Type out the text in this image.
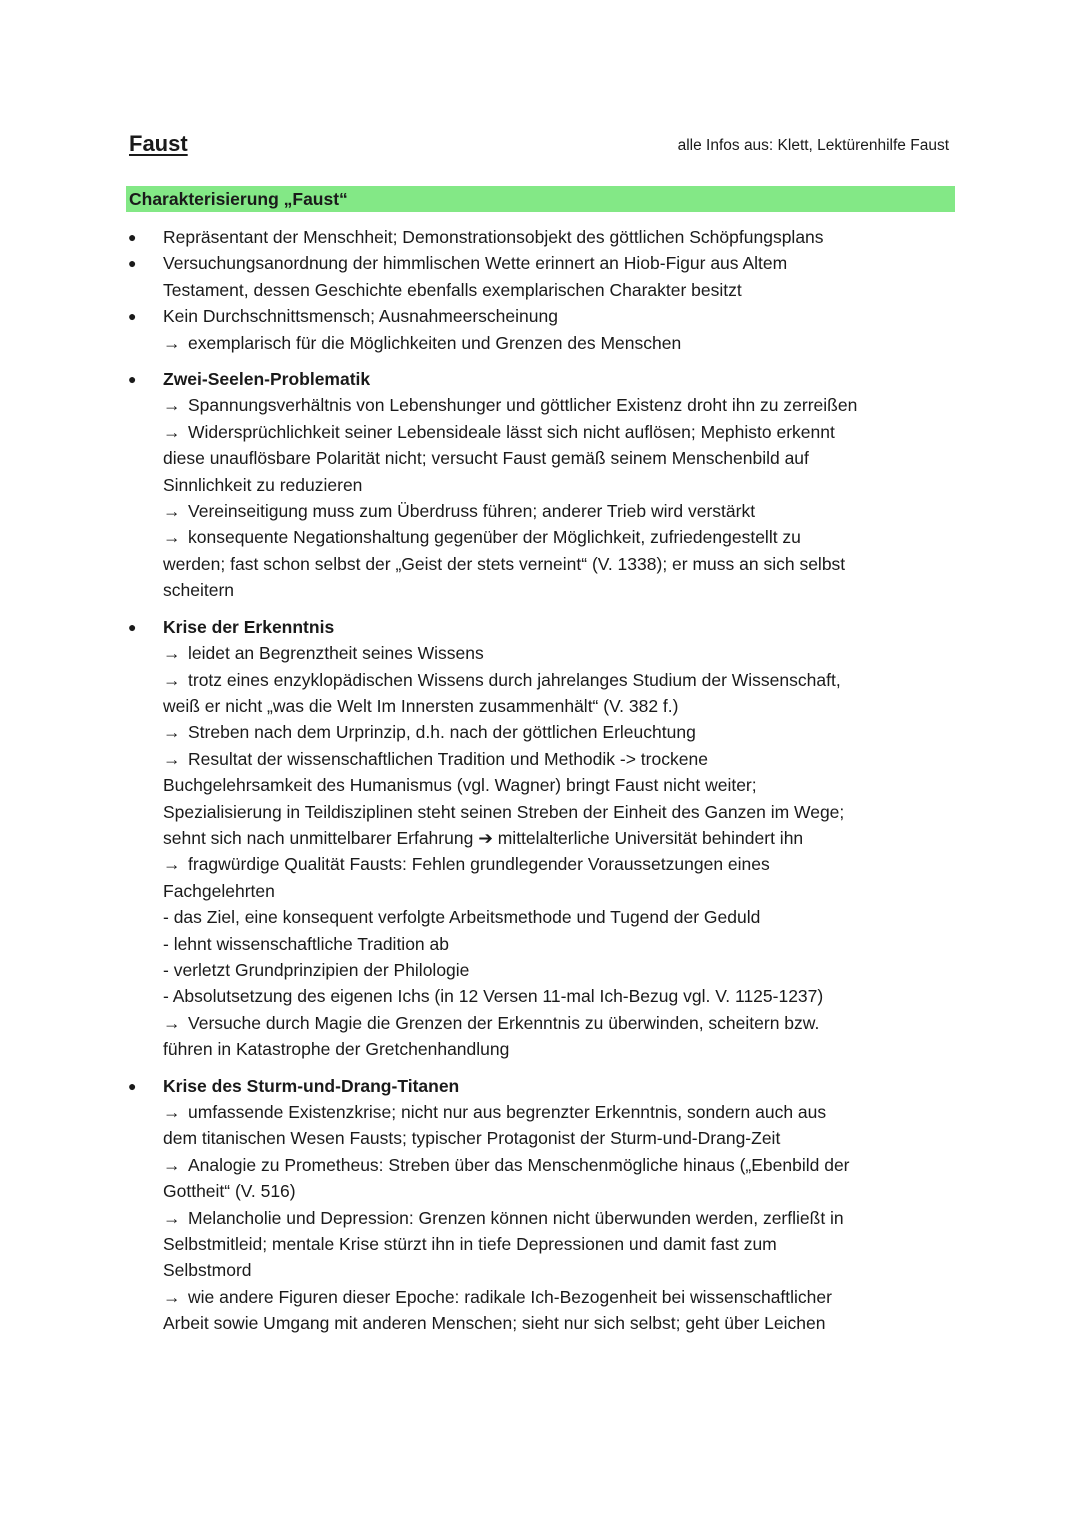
Faust	alle Infos aus: Klett, Lektürenhilfe Faust
Charakterisierung „Faust“
● Repräsentant der Menschheit; Demonstrationsobjekt des göttlichen Schöpfungsplans
● Versuchungsanordnung der himmlischen Wette erinnert an Hiob-Figur aus Altem
Testament, dessen Geschichte ebenfalls exemplarischen Charakter besitzt
● Kein Durchschnittsmensch; Ausnahmeerscheinung
→ exemplarisch für die Möglichkeiten und Grenzen des Menschen
● Zwei-Seelen-Problematik
→ Spannungsverhältnis von Lebenshunger und göttlicher Existenz droht ihn zu zerreißen
→ Widersprüchlichkeit seiner Lebensideale lässt sich nicht auflösen; Mephisto erkennt
diese unauflösbare Polarität nicht; versucht Faust gemäß seinem Menschenbild auf
Sinnlichkeit zu reduzieren
→ Vereinseitigung muss zum Überdruss führen; anderer Trieb wird verstärkt
→ konsequente Negationshaltung gegenüber der Möglichkeit, zufriedengestellt zu
werden; fast schon selbst der „Geist der stets verneint“ (V. 1338); er muss an sich selbst
scheitern
● Krise der Erkenntnis
→ leidet an Begrenztheit seines Wissens
→ trotz eines enzyklopädischen Wissens durch jahrelanges Studium der Wissenschaft,
weiß er nicht „was die Welt Im Innersten zusammenhält“ (V. 382 f.)
→ Streben nach dem Urprinzip, d.h. nach der göttlichen Erleuchtung
→ Resultat der wissenschaftlichen Tradition und Methodik -> trockene
Buchgelehrsamkeit des Humanismus (vgl. Wagner) bringt Faust nicht weiter;
Spezialisierung in Teildisziplinen steht seinen Streben der Einheit des Ganzen im Wege;
sehnt sich nach unmittelbarer Erfahrung ➔ mittelalterliche Universität behindert ihn
→ fragwürdige Qualität Fausts: Fehlen grundlegender Voraussetzungen eines
Fachgelehrten
- das Ziel, eine konsequent verfolgte Arbeitsmethode und Tugend der Geduld
- lehnt wissenschaftliche Tradition ab
- verletzt Grundprinzipien der Philologie
- Absolutsetzung des eigenen Ichs (in 12 Versen 11-mal Ich-Bezug vgl. V. 1125-1237)
→ Versuche durch Magie die Grenzen der Erkenntnis zu überwinden, scheitern bzw.
führen in Katastrophe der Gretchenhandlung
● Krise des Sturm-und-Drang-Titanen
→ umfassende Existenzkrise; nicht nur aus begrenzter Erkenntnis, sondern auch aus
dem titanischen Wesen Fausts; typischer Protagonist der Sturm-und-Drang-Zeit
→ Analogie zu Prometheus: Streben über das Menschenmögliche hinaus („Ebenbild der
Gottheit“ (V. 516)
→ Melancholie und Depression: Grenzen können nicht überwunden werden, zerfließt in
Selbstmitleid; mentale Krise stürzt ihn in tiefe Depressionen und damit fast zum
Selbstmord
→ wie andere Figuren dieser Epoche: radikale Ich-Bezogenheit bei wissenschaftlicher
Arbeit sowie Umgang mit anderen Menschen; sieht nur sich selbst; geht über Leichen
